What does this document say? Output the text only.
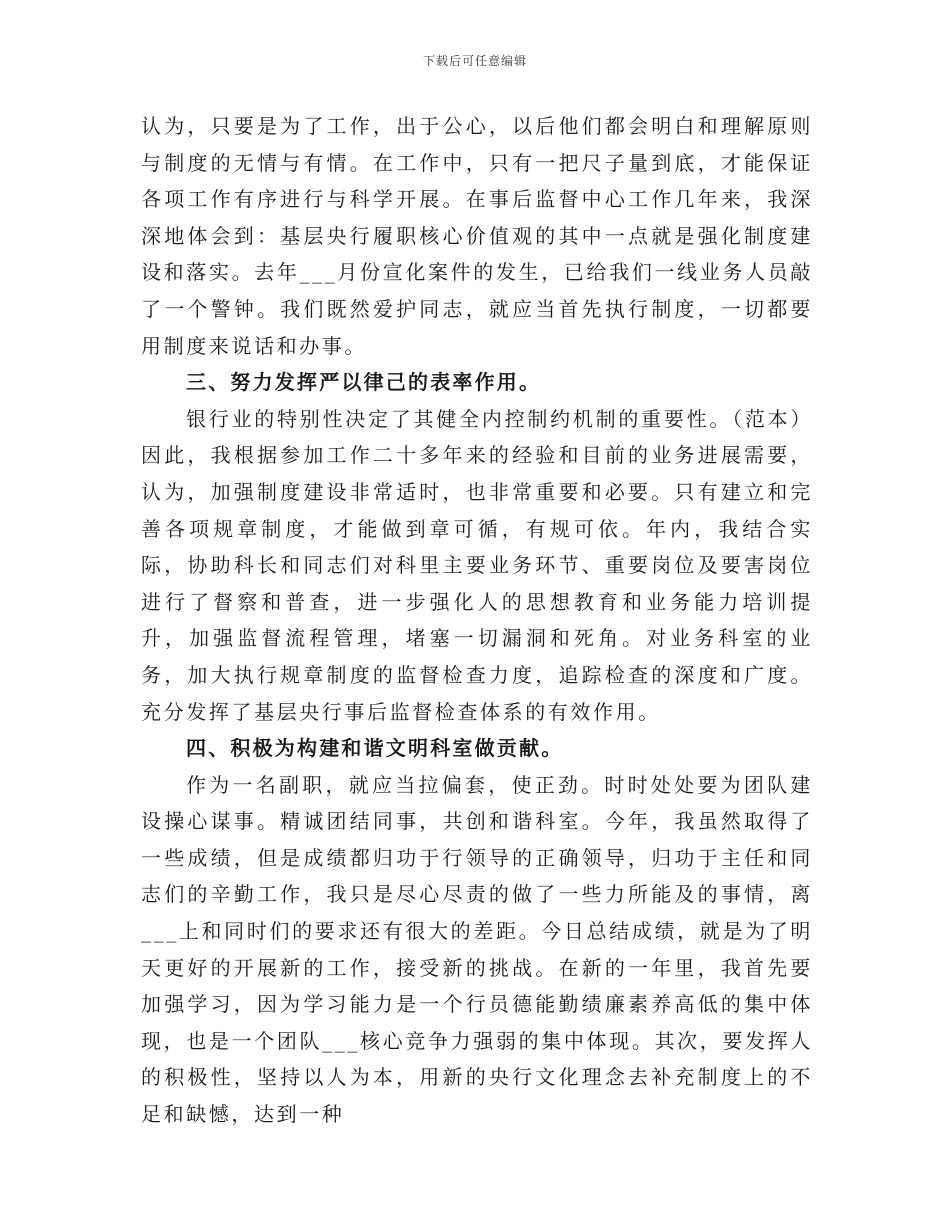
下载后可任意编辑

认为，只要是为了工作，出于公心，以后他们都会明白和理解原则与制度的无情与有情。在工作中，只有一把尺子量到底，才能保证各项工作有序进行与科学开展。在事后监督中心工作几年来，我深深地体会到：基层央行履职核心价值观的其中一点就是强化制度建设和落实。去年___月份宣化案件的发生，已给我们一线业务人员敲了一个警钟。我们既然爱护同志，就应当首先执行制度，一切都要用制度来说话和办事。

三、努力发挥严以律己的表率作用。

银行业的特别性决定了其健全内控制约机制的重要性。（范本）因此，我根据参加工作二十多年来的经验和目前的业务进展需要，认为，加强制度建设非常适时，也非常重要和必要。只有建立和完善各项规章制度，才能做到章可循，有规可依。年内，我结合实际，协助科长和同志们对科里主要业务环节、重要岗位及要害岗位进行了督察和普查，进一步强化人的思想教育和业务能力培训提升，加强监督流程管理，堵塞一切漏洞和死角。对业务科室的业务，加大执行规章制度的监督检查力度，追踪检查的深度和广度。充分发挥了基层央行事后监督检查体系的有效作用。

四、积极为构建和谐文明科室做贡献。

作为一名副职，就应当拉偏套，使正劲。时时处处要为团队建设操心谋事。精诚团结同事，共创和谐科室。今年，我虽然取得了一些成绩，但是成绩都归功于行领导的正确领导，归功于主任和同志们的辛勤工作，我只是尽心尽责的做了一些力所能及的事情，离___上和同时们的要求还有很大的差距。今日总结成绩，就是为了明天更好的开展新的工作，接受新的挑战。在新的一年里，我首先要加强学习，因为学习能力是一个行员德能勤绩廉素养高低的集中体现，也是一个团队___核心竞争力强弱的集中体现。其次，要发挥人的积极性，坚持以人为本，用新的央行文化理念去补充制度上的不足和缺憾，达到一种
